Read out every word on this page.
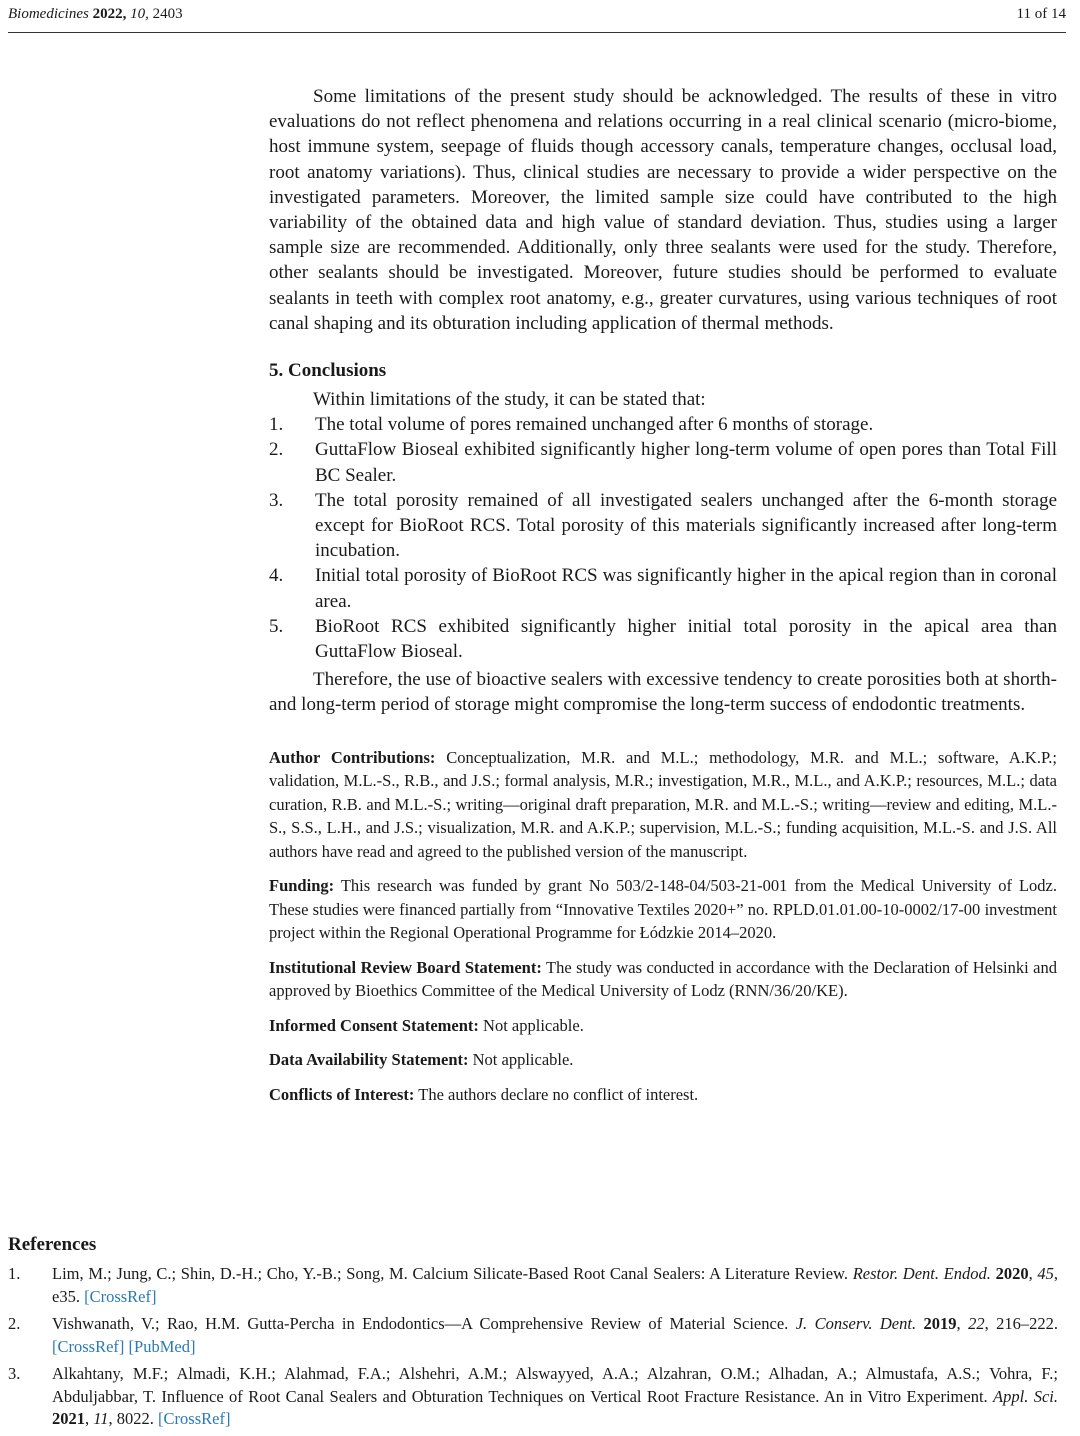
Biomedicines 2022, 10, 2403	11 of 14

Some limitations of the present study should be acknowledged. The results of these in vitro evaluations do not reflect phenomena and relations occurring in a real clinical scenario (micro-biome, host immune system, seepage of fluids though accessory canals, temperature changes, occlusal load, root anatomy variations). Thus, clinical studies are necessary to provide a wider perspective on the investigated parameters. Moreover, the limited sample size could have contributed to the high variability of the obtained data and high value of standard deviation. Thus, studies using a larger sample size are recommended. Additionally, only three sealants were used for the study. Therefore, other sealants should be investigated. Moreover, future studies should be performed to evaluate sealants in teeth with complex root anatomy, e.g., greater curvatures, using various techniques of root canal shaping and its obturation including application of thermal methods.

5. Conclusions

Within limitations of the study, it can be stated that:

1. The total volume of pores remained unchanged after 6 months of storage.
2. GuttaFlow Bioseal exhibited significantly higher long-term volume of open pores than Total Fill BC Sealer.
3. The total porosity remained of all investigated sealers unchanged after the 6-month storage except for BioRoot RCS. Total porosity of this materials significantly increased after long-term incubation.
4. Initial total porosity of BioRoot RCS was significantly higher in the apical region than in coronal area.
5. BioRoot RCS exhibited significantly higher initial total porosity in the apical area than GuttaFlow Bioseal.

Therefore, the use of bioactive sealers with excessive tendency to create porosities both at shorth- and long-term period of storage might compromise the long-term success of endodontic treatments.

Author Contributions: Conceptualization, M.R. and M.L.; methodology, M.R. and M.L.; software, A.K.P.; validation, M.L.-S., R.B., and J.S.; formal analysis, M.R.; investigation, M.R., M.L., and A.K.P.; resources, M.L.; data curation, R.B. and M.L.-S.; writing—original draft preparation, M.R. and M.L.-S.; writing—review and editing, M.L.-S., S.S., L.H., and J.S.; visualization, M.R. and A.K.P.; supervision, M.L.-S.; funding acquisition, M.L.-S. and J.S. All authors have read and agreed to the published version of the manuscript.

Funding: This research was funded by grant No 503/2-148-04/503-21-001 from the Medical University of Lodz. These studies were financed partially from “Innovative Textiles 2020+” no. RPLD.01.01.00-10-0002/17-00 investment project within the Regional Operational Programme for Łódzkie 2014–2020.

Institutional Review Board Statement: The study was conducted in accordance with the Declaration of Helsinki and approved by Bioethics Committee of the Medical University of Lodz (RNN/36/20/KE).

Informed Consent Statement: Not applicable.

Data Availability Statement: Not applicable.

Conflicts of Interest: The authors declare no conflict of interest.

References
1. Lim, M.; Jung, C.; Shin, D.-H.; Cho, Y.-B.; Song, M. Calcium Silicate-Based Root Canal Sealers: A Literature Review. Restor. Dent. Endod. 2020, 45, e35. [CrossRef]
2. Vishwanath, V.; Rao, H.M. Gutta-Percha in Endodontics—A Comprehensive Review of Material Science. J. Conserv. Dent. 2019, 22, 216–222. [CrossRef] [PubMed]
3. Alkahtany, M.F.; Almadi, K.H.; Alahmad, F.A.; Alshehri, A.M.; Alswayyed, A.A.; Alzahran, O.M.; Alhadan, A.; Almustafa, A.S.; Vohra, F.; Abduljabbar, T. Influence of Root Canal Sealers and Obturation Techniques on Vertical Root Fracture Resistance. An in Vitro Experiment. Appl. Sci. 2021, 11, 8022. [CrossRef]
